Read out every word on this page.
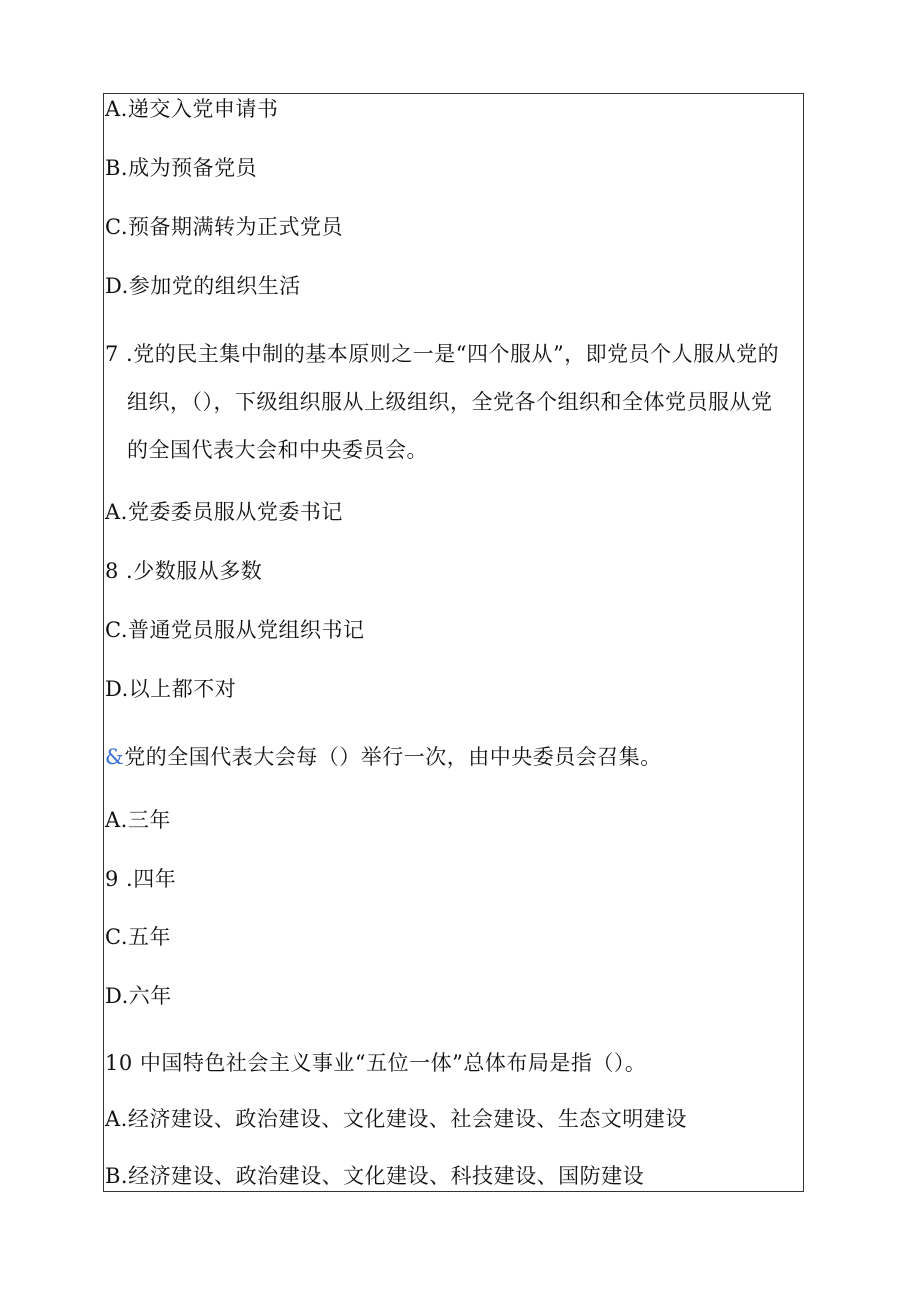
A.递交入党申请书
B.成为预备党员
C.预备期满转为正式党员
D.参加党的组织生活
7 .党的民主集中制的基本原则之一是“四个服从”，即党员个人服从党的
组织，（），下级组织服从上级组织，全党各个组织和全体党员服从党
的全国代表大会和中央委员会。
A.党委委员服从党委书记
8 .少数服从多数
C.普通党员服从党组织书记
D.以上都不对
&党的全国代表大会每（）举行一次，由中央委员会召集。
A.三年
9 .四年
C.五年
D.六年
10 中国特色社会主义事业“五位一体”总体布局是指（）。
A.经济建设、政治建设、文化建设、社会建设、生态文明建设
B.经济建设、政治建设、文化建设、科技建设、国防建设
